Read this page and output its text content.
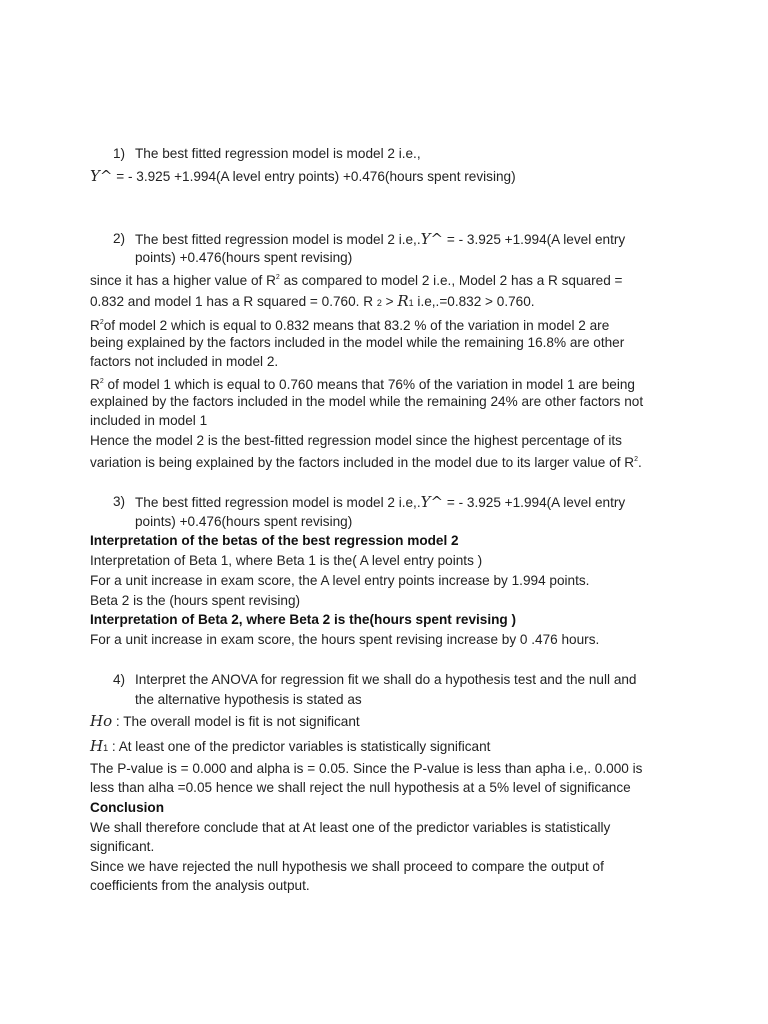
1) The best fitted regression model is model 2 i.e.,
Y^ = - 3.925 +1.994(A level entry points) +0.476(hours spent revising)
2) The best fitted regression model is model 2 i.e,.Y^ = - 3.925 +1.994(A level entry
points) +0.476(hours spent revising)
since it has a higher value of $R^2$ as compared to model 2 i.e., Model 2 has a R squared =
0.832 and model 1 has a R squared = 0.760. R 2 > R1 i.e,.=0.832 > 0.760.
$R^2of$ model 2 which is equal to 0.832 means that 83.2 % of the variation in model 2 are
being explained by the factors included in the model while the remaining 16.8% are other
factors not included in model 2.
$R^2$ of model 1 which is equal to 0.760 means that 76% of the variation in model 1 are being
explained by the factors included in the model while the remaining 24% are other factors not
included in model 1
Hence the model 2 is the best-fitted regression model since the highest percentage of its
variation is being explained by the factors included in the model due to its larger value of $R^2$.
3) The best fitted regression model is model 2 i.e,.Y^ = - 3.925 +1.994(A level entry
points) +0.476(hours spent revising)
Interpretation of the betas of the best regression model 2
Interpretation of Beta 1, where Beta 1 is the( A level entry points )
For a unit increase in exam score, the A level entry points increase by 1.994 points.
Beta 2 is the (hours spent revising)
Interpretation of Beta 2, where Beta 2 is the(hours spent revising )
For a unit increase in exam score, the hours spent revising increase by 0 .476 hours.
4) Interpret the ANOVA for regression fit we shall do a hypothesis test and the null and
the alternative hypothesis is stated as
Ho : The overall model is fit is not significant
H1 : At least one of the predictor variables is statistically significant
The P-value is = 0.000 and alpha is = 0.05. Since the P-value is less than apha i.e,. 0.000 is
less than alha =0.05 hence we shall reject the null hypothesis at a 5% level of significance
Conclusion
We shall therefore conclude that at At least one of the predictor variables is statistically
significant.
Since we have rejected the null hypothesis we shall proceed to compare the output of
coefficients from the analysis output.
